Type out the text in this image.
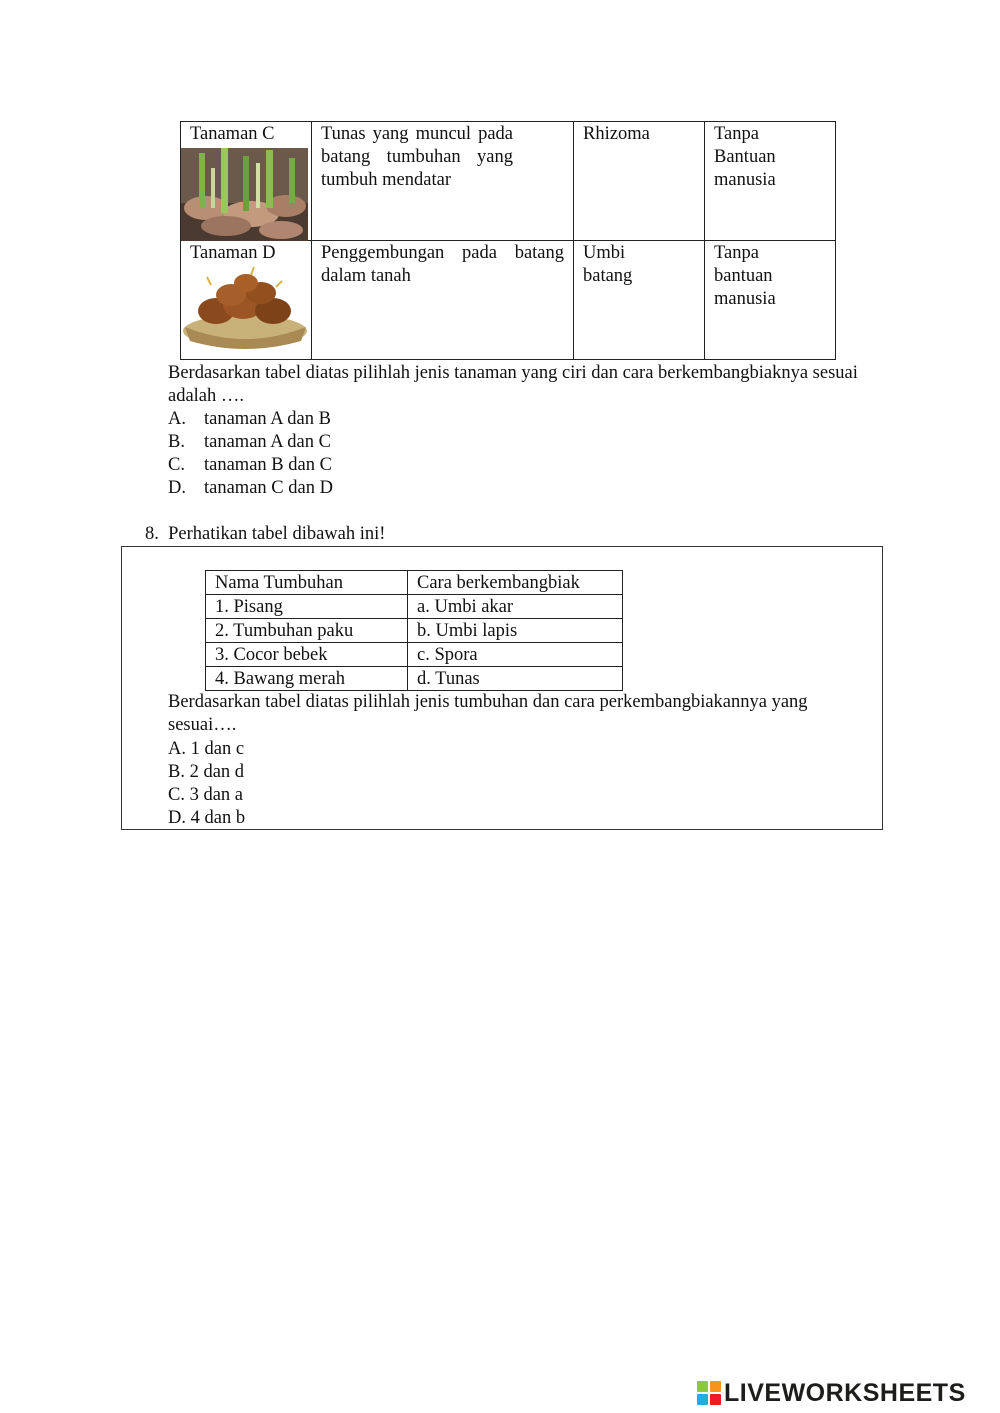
Tanaman C	Tunas yang muncul pada batang tumbuhan yang tumbuh mendatar	Rhizoma	Tanpa Bantuan manusia

Tanaman D	Penggembungan pada batang dalam tanah	Umbi batang	Tanpa bantuan manusia
Berdasarkan tabel diatas pilihlah jenis tanaman yang ciri dan cara berkembangbiaknya sesuai adalah ….
A. tanaman A dan B
B. tanaman A dan C
C. tanaman B dan C
D. tanaman C dan D
8. Perhatikan tabel dibawah ini!
Nama Tumbuhan	Cara berkembangbiak
1. Pisang	a. Umbi akar
2. Tumbuhan paku	b. Umbi lapis
3. Cocor bebek	c. Spora
4. Bawang merah	d. Tunas
Berdasarkan tabel diatas pilihlah jenis tumbuhan dan cara perkembangbiakannya yang sesuai….
A. 1 dan c
B. 2 dan d
C. 3 dan a
D. 4 dan b
LIVEWORKSHEETS
